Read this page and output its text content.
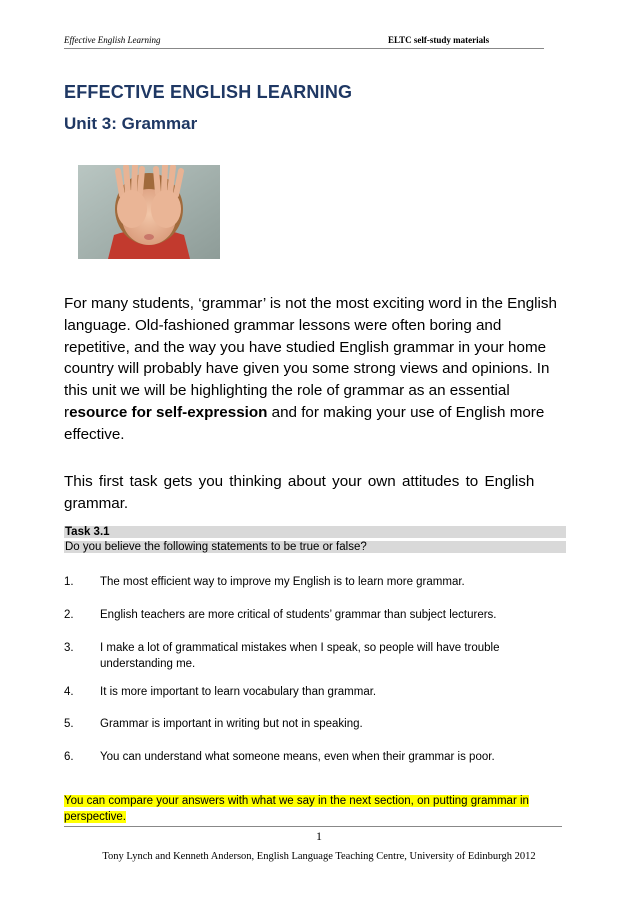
Effective English Learning	ELTC self-study materials
EFFECTIVE ENGLISH LEARNING
Unit 3: Grammar
For many students, ‘grammar’ is not the most exciting word in the English language. Old-fashioned grammar lessons were often boring and repetitive, and the way you have studied English grammar in your home country will probably have given you some strong views and opinions. In this unit we will be highlighting the role of grammar as an essential resource for self-expression and for making your use of English more effective.
This first task gets you thinking about your own attitudes to English grammar.
Task 3.1
Do you believe the following statements to be true or false?
1.	The most efficient way to improve my English is to learn more grammar.
2.	English teachers are more critical of students’ grammar than subject lecturers.
3.	I make a lot of grammatical mistakes when I speak, so people will have trouble understanding me.
4.	It is more important to learn vocabulary than grammar.
5.	Grammar is important in writing but not in speaking.
6.	You can understand what someone means, even when their grammar is poor.
You can compare your answers with what we say in the next section, on putting grammar in perspective.
1
Tony Lynch and Kenneth Anderson, English Language Teaching Centre, University of Edinburgh 2012
